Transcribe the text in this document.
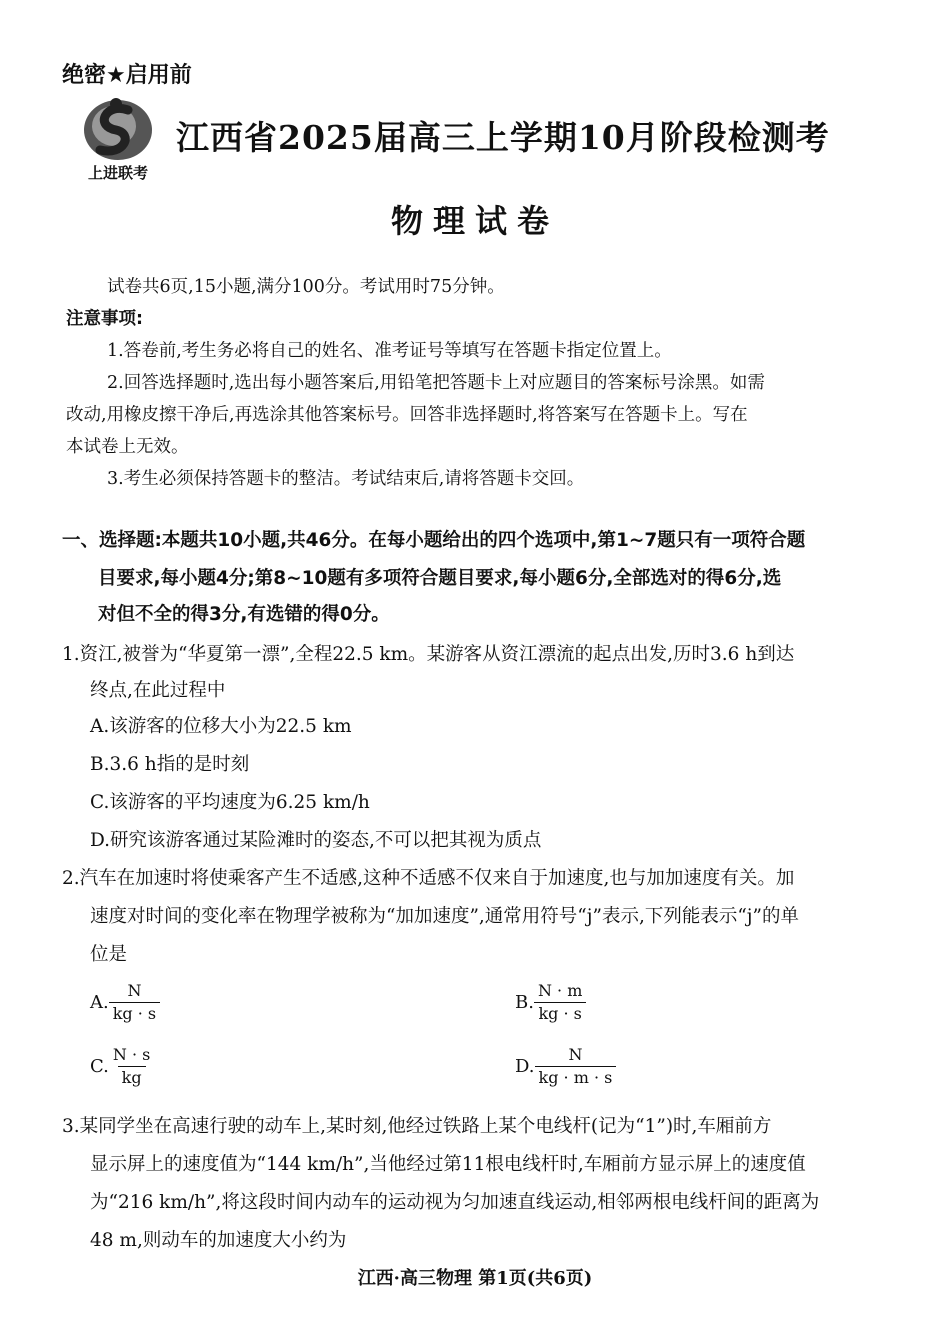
绝密★启用前
上进联考
江西省2025届高三上学期10月阶段检测考
物理试卷
试卷共6页,15小题,满分100分。考试用时75分钟。
注意事项:
1.答卷前,考生务必将自己的姓名、准考证号等填写在答题卡指定位置上。
2.回答选择题时,选出每小题答案后,用铅笔把答题卡上对应题目的答案标号涂黑。如需
改动,用橡皮擦干净后,再选涂其他答案标号。回答非选择题时,将答案写在答题卡上。写在
本试卷上无效。
3.考生必须保持答题卡的整洁。考试结束后,请将答题卡交回。
一、选择题:本题共10小题,共46分。在每小题给出的四个选项中,第1~7题只有一项符合题
目要求,每小题4分;第8~10题有多项符合题目要求,每小题6分,全部选对的得6分,选
对但不全的得3分,有选错的得0分。
1.资江,被誉为“华夏第一漂”,全程22.5 km。某游客从资江漂流的起点出发,历时3.6 h到达
终点,在此过程中
A.该游客的位移大小为22.5 km
B.3.6 h指的是时刻
C.该游客的平均速度为6.25 km/h
D.研究该游客通过某险滩时的姿态,不可以把其视为质点
2.汽车在加速时将使乘客产生不适感,这种不适感不仅来自于加速度,也与加加速度有关。加
速度对时间的变化率在物理学被称为“加加速度”,通常用符号“j”表示,下列能表示“j”的单
位是
A. $\frac{N}{kg \cdot s}$	B. $\frac{N \cdot m}{kg \cdot s}$
C. $\frac{N \cdot s}{kg}$	D. $\frac{N}{kg \cdot m \cdot s}$
3.某同学坐在高速行驶的动车上,某时刻,他经过铁路上某个电线杆(记为“1”)时,车厢前方
显示屏上的速度值为“144 km/h”,当他经过第11根电线杆时,车厢前方显示屏上的速度值
为“216 km/h”,将这段时间内动车的运动视为匀加速直线运动,相邻两根电线杆间的距离为
48 m,则动车的加速度大小约为
江西·高三物理 第1页(共6页)
